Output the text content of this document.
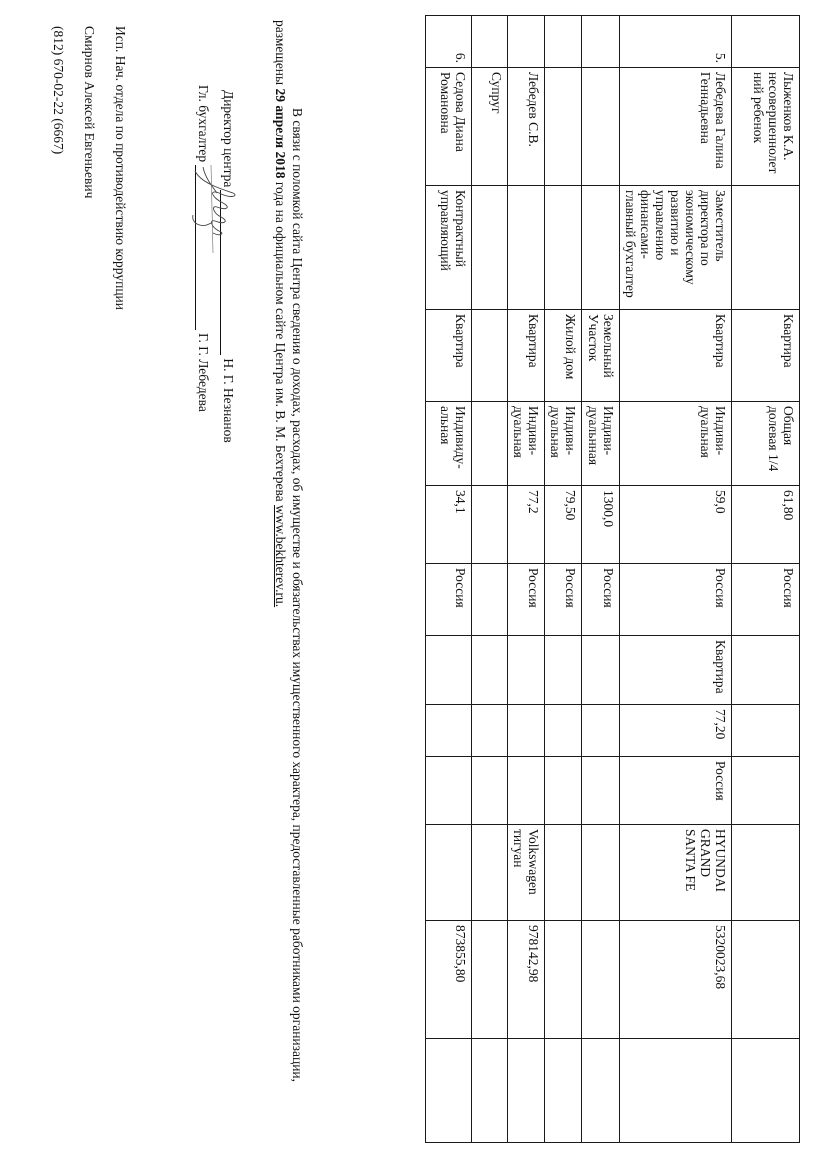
	Лыженков К.А. несовершеннолет ний ребенок		Квартира	Общая долевая 1/4	61,80	Россия						
5.	Лебедева Галина Геннадьевна	Заместитель директора по экономическому развитию и управлению финансами-главный бухгалтер	Квартира	Индиви-дуальная	59,0	Россия	Квартира	77,20	Россия	HYUNDAI GRAND SANTA FE	532002З,68	
			Земельный Участок	Индиви-дуальнная	1300,0	Россия						
			Жилой дом	Индиви-дуальная	79,50	Россия						
	Лебедев С.В.		Квартира	Индиви-дуальная	77,2	Россия				Volkswagen тигуан	978142,98	
	Супруг											
6.	Седова Диана Романовна	Контрактный управляющий	Квартира	Индивиду-альная	34,1	Россия					873855,80	
В связи с поломкой сайта Центра сведения о доходах, расходах, об имуществе и обязательствах имущественного характера, предоставленные работниками организации,
размещены 29 апреля 2018 года на официальном сайте Центра им. В. М. Бехтерева www.bekhterev.ru.
Директор центра Н. Г. Незнанов
Гл. бухгалтер Г. Г. Лебедева
Исп. Нач. отдела по противодействию коррупции
Смирнов Алексей Евгеньевич
(812) 670-02-22 (6667)
